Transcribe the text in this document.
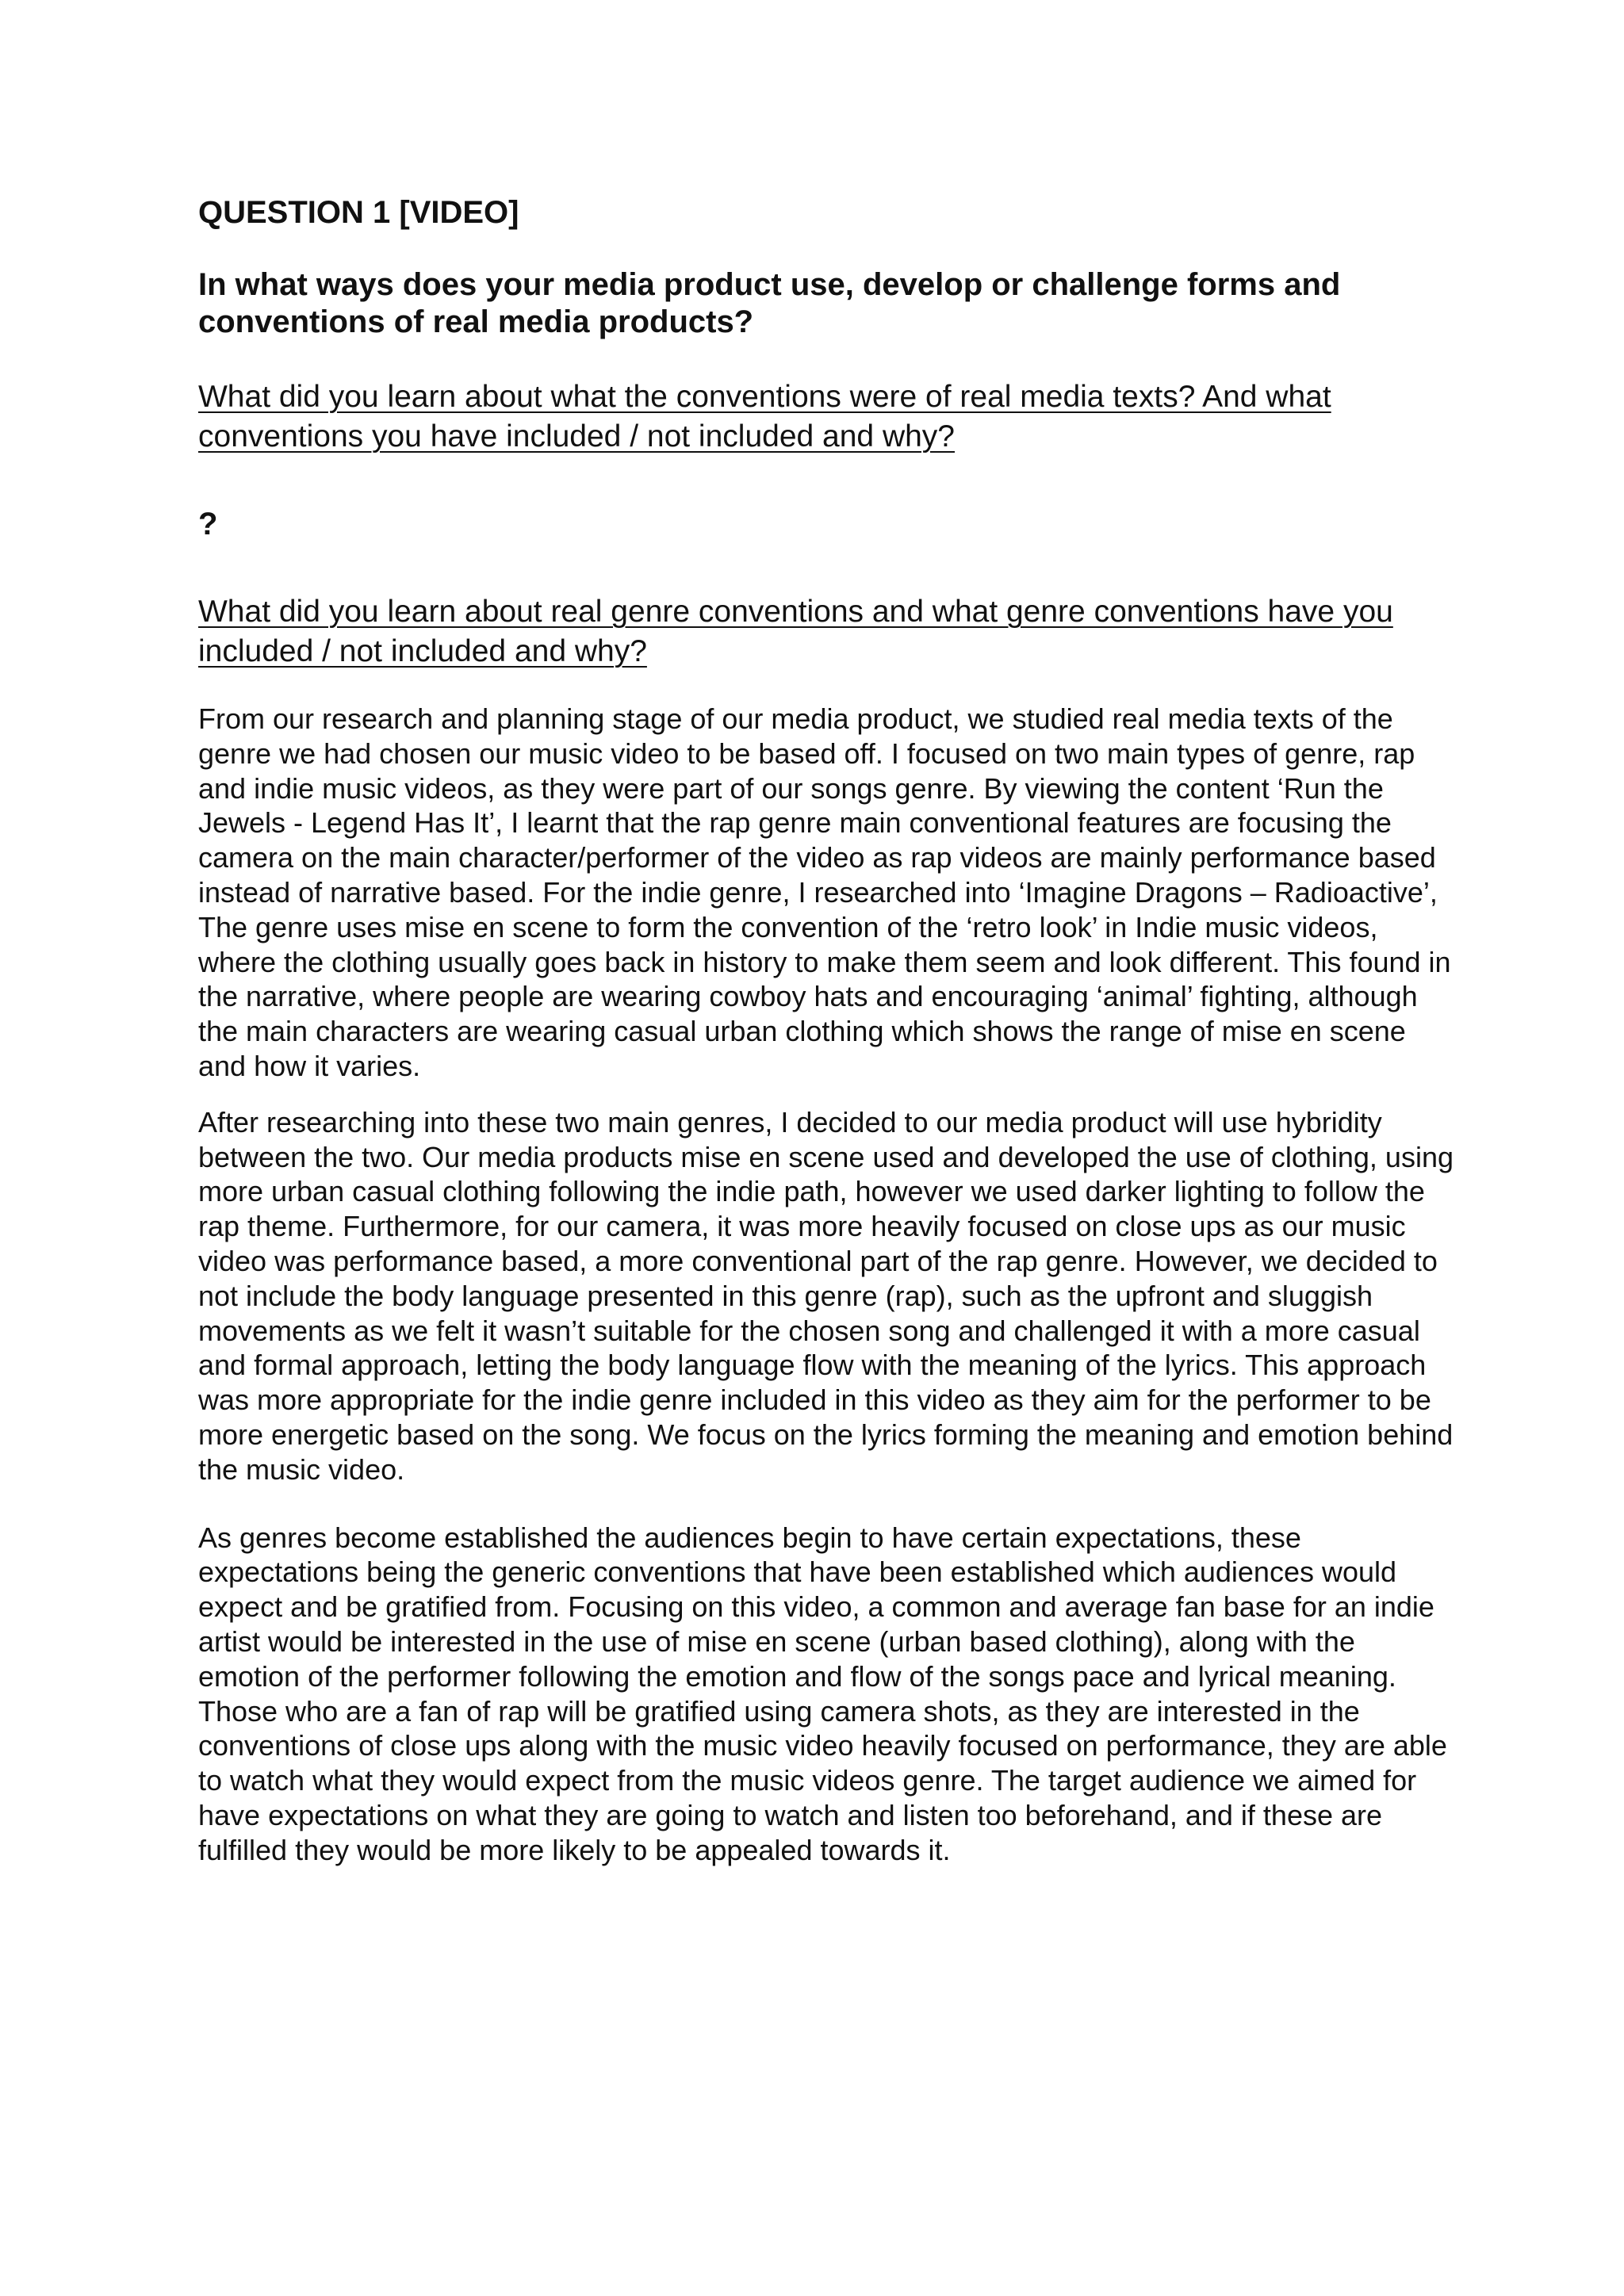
QUESTION 1 [VIDEO]

In what ways does your media product use, develop or challenge forms and conventions of real media products?

What did you learn about what the conventions were of real media texts? And what conventions you have included / not included and why?

?

What did you learn about real genre conventions and what genre conventions have you included / not included and why?

From our research and planning stage of our media product, we studied real media texts of the genre we had chosen our music video to be based off. I focused on two main types of genre, rap and indie music videos, as they were part of our songs genre. By viewing the content ‘Run the Jewels - Legend Has It’, I learnt that the rap genre main conventional features are focusing the camera on the main character/performer of the video as rap videos are mainly performance based instead of narrative based. For the indie genre, I researched into ‘Imagine Dragons – Radioactive’, The genre uses mise en scene to form the convention of the ‘retro look’ in Indie music videos, where the clothing usually goes back in history to make them seem and look different. This found in the narrative, where people are wearing cowboy hats and encouraging ‘animal’ fighting, although the main characters are wearing casual urban clothing which shows the range of mise en scene and how it varies.

After researching into these two main genres, I decided to our media product will use hybridity between the two. Our media products mise en scene used and developed the use of clothing, using more urban casual clothing following the indie path, however we used darker lighting to follow the rap theme. Furthermore, for our camera, it was more heavily focused on close ups as our music video was performance based, a more conventional part of the rap genre. However, we decided to not include the body language presented in this genre (rap), such as the upfront and sluggish movements as we felt it wasn’t suitable for the chosen song and challenged it with a more casual and formal approach, letting the body language flow with the meaning of the lyrics. This approach was more appropriate for the indie genre included in this video as they aim for the performer to be more energetic based on the song. We focus on the lyrics forming the meaning and emotion behind the music video.

As genres become established the audiences begin to have certain expectations, these expectations being the generic conventions that have been established which audiences would expect and be gratified from. Focusing on this video, a common and average fan base for an indie artist would be interested in the use of mise en scene (urban based clothing), along with the emotion of the performer following the emotion and flow of the songs pace and lyrical meaning. Those who are a fan of rap will be gratified using camera shots, as they are interested in the conventions of close ups along with the music video heavily focused on performance, they are able to watch what they would expect from the music videos genre. The target audience we aimed for have expectations on what they are going to watch and listen too beforehand, and if these are fulfilled they would be more likely to be appealed towards it.
